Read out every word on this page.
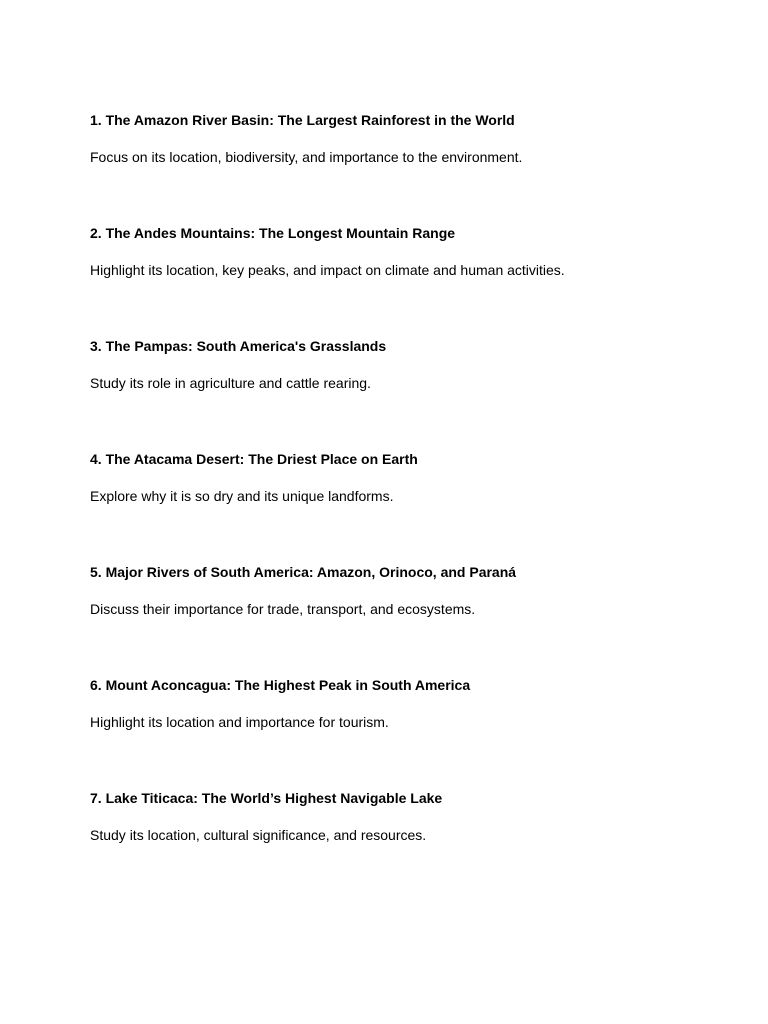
1. The Amazon River Basin: The Largest Rainforest in the World
Focus on its location, biodiversity, and importance to the environment.
2. The Andes Mountains: The Longest Mountain Range
Highlight its location, key peaks, and impact on climate and human activities.
3. The Pampas: South America's Grasslands
Study its role in agriculture and cattle rearing.
4. The Atacama Desert: The Driest Place on Earth
Explore why it is so dry and its unique landforms.
5. Major Rivers of South America: Amazon, Orinoco, and Paraná
Discuss their importance for trade, transport, and ecosystems.
6. Mount Aconcagua: The Highest Peak in South America
Highlight its location and importance for tourism.
7. Lake Titicaca: The World’s Highest Navigable Lake
Study its location, cultural significance, and resources.
